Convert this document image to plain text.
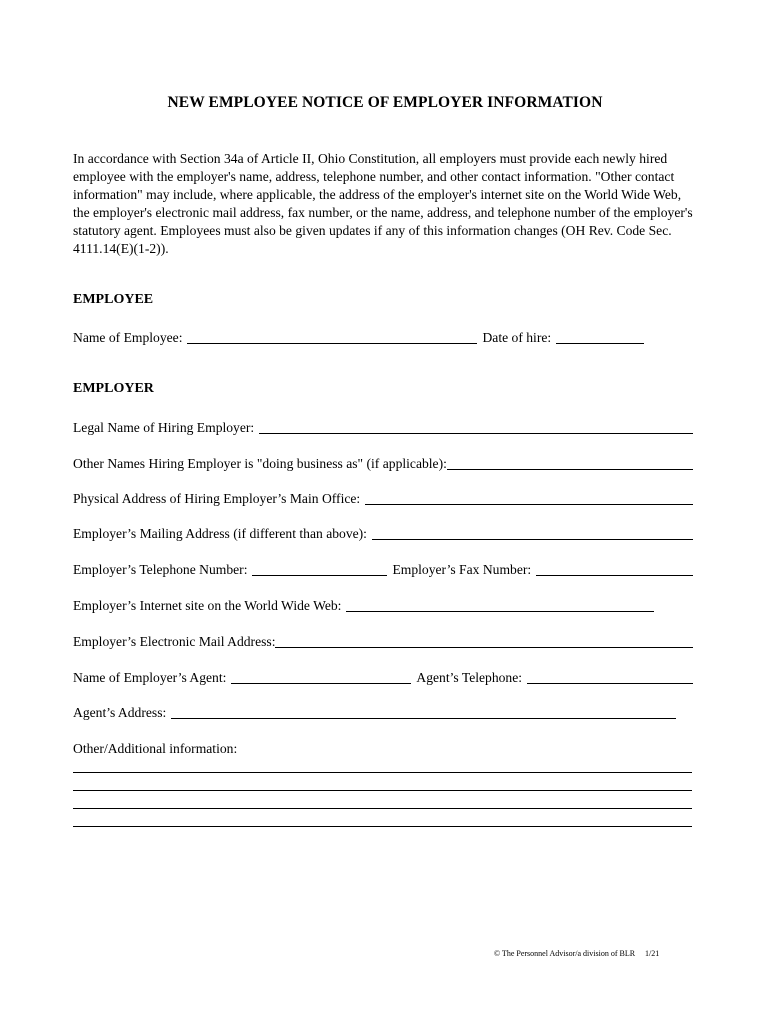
NEW EMPLOYEE NOTICE OF EMPLOYER INFORMATION

In accordance with Section 34a of Article II, Ohio Constitution, all employers must provide each newly hired employee with the employer's name, address, telephone number, and other contact information. "Other contact information" may include, where applicable, the address of the employer's internet site on the World Wide Web, the employer's electronic mail address, fax number, or the name, address, and telephone number of the employer's statutory agent. Employees must also be given updates if any of this information changes (OH Rev. Code Sec. 4111.14(E)(1-2)).

EMPLOYEE
Name of Employee:	Date of hire:
EMPLOYER
Legal Name of Hiring Employer:
Other Names Hiring Employer is "doing business as" (if applicable):
Physical Address of Hiring Employer’s Main Office:
Employer’s Mailing Address (if different than above):
Employer’s Telephone Number:	Employer’s Fax Number:
Employer’s Internet site on the World Wide Web:
Employer’s Electronic Mail Address:
Name of Employer’s Agent:	Agent’s Telephone:
Agent’s Address:
Other/Additional information:
© The Personnel Advisor/a division of BLR 1/21
